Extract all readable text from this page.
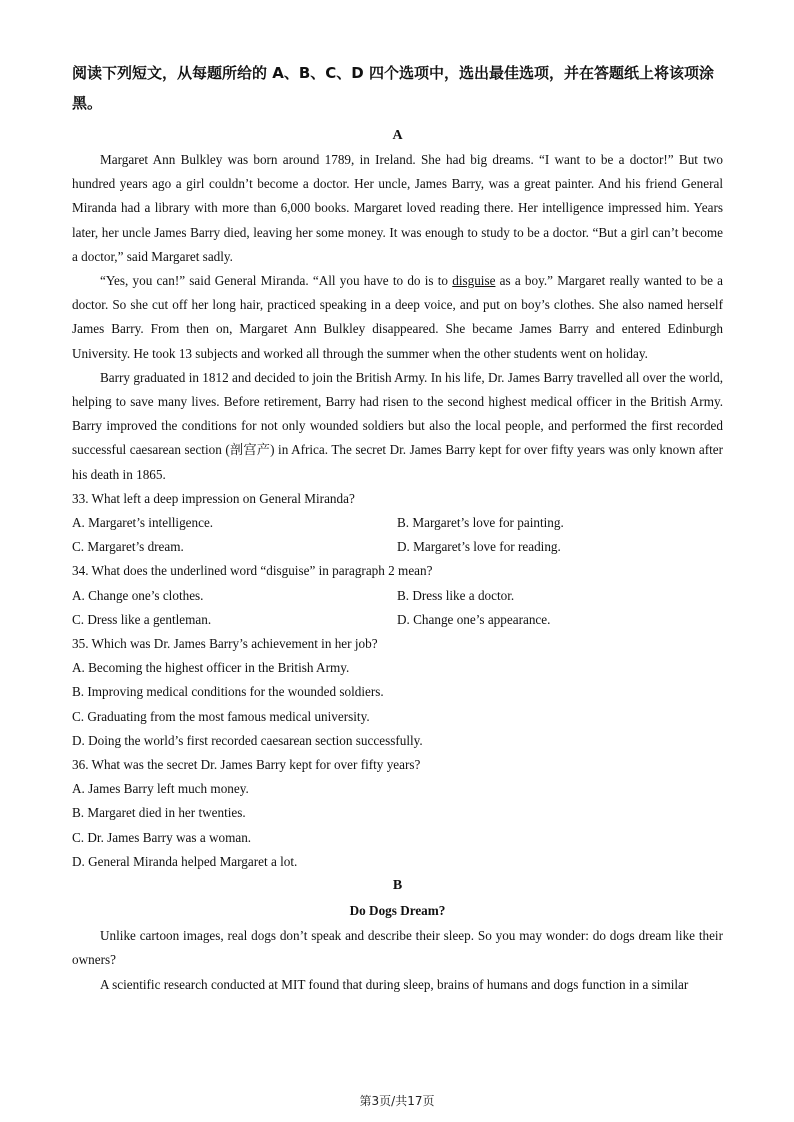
阅读下列短文，从每题所给的 A、B、C、D 四个选项中，选出最佳选项，并在答题纸上将该项涂黑。

A

Margaret Ann Bulkley was born around 1789, in Ireland. She had big dreams. “I want to be a doctor!” But two hundred years ago a girl couldn’t become a doctor. Her uncle, James Barry, was a great painter. And his friend General Miranda had a library with more than 6,000 books. Margaret loved reading there. Her intelligence impressed him. Years later, her uncle James Barry died, leaving her some money. It was enough to study to be a doctor. “But a girl can’t become a doctor,” said Margaret sadly.

“Yes, you can!” said General Miranda. “All you have to do is to disguise as a boy.” Margaret really wanted to be a doctor. So she cut off her long hair, practiced speaking in a deep voice, and put on boy’s clothes. She also named herself James Barry. From then on, Margaret Ann Bulkley disappeared. She became James Barry and entered Edinburgh University. He took 13 subjects and worked all through the summer when the other students went on holiday.

Barry graduated in 1812 and decided to join the British Army. In his life, Dr. James Barry travelled all over the world, helping to save many lives. Before retirement, Barry had risen to the second highest medical officer in the British Army. Barry improved the conditions for not only wounded soldiers but also the local people, and performed the first recorded successful caesarean section (剖宫产) in Africa. The secret Dr. James Barry kept for over fifty years was only known after his death in 1865.

33. What left a deep impression on General Miranda?

A. Margaret’s intelligence.	B. Margaret’s love for painting.
C. Margaret’s dream.	D. Margaret’s love for reading.

34. What does the underlined word “disguise” in paragraph 2 mean?

A. Change one’s clothes.	B. Dress like a doctor.
C. Dress like a gentleman.	D. Change one’s appearance.

35. Which was Dr. James Barry’s achievement in her job?

A. Becoming the highest officer in the British Army.

B. Improving medical conditions for the wounded soldiers.

C. Graduating from the most famous medical university.

D. Doing the world’s first recorded caesarean section successfully.

36. What was the secret Dr. James Barry kept for over fifty years?

A. James Barry left much money.

B. Margaret died in her twenties.

C. Dr. James Barry was a woman.

D. General Miranda helped Margaret a lot.

B

Do Dogs Dream?

Unlike cartoon images, real dogs don’t speak and describe their sleep. So you may wonder: do dogs dream like their owners?

A scientific research conducted at MIT found that during sleep, brains of humans and dogs function in a similar

第3页/共17页
